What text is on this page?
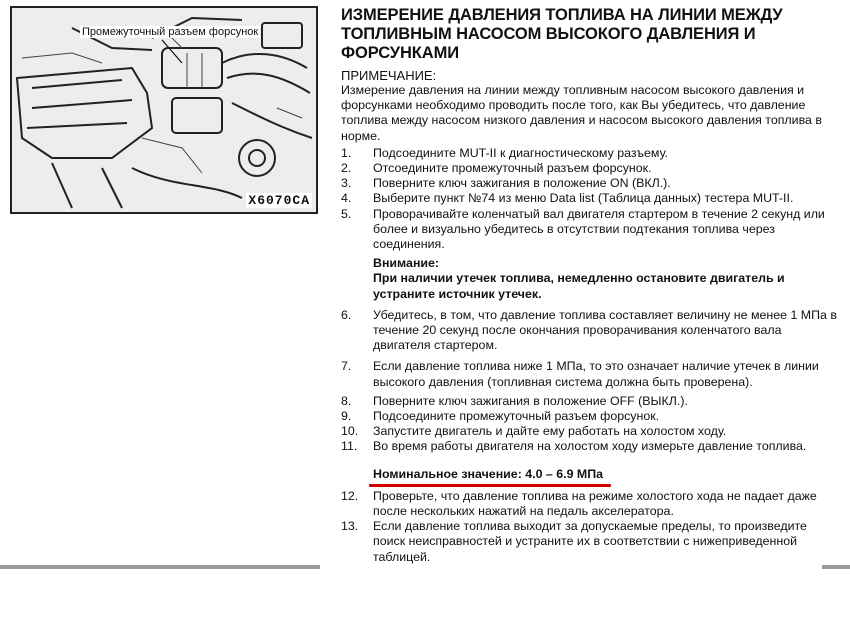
Промежуточный разъем форсунок
X6070CA
ИЗМЕРЕНИЕ ДАВЛЕНИЯ ТОПЛИВА НА ЛИНИИ МЕЖДУ ТОПЛИВНЫМ НАСОСОМ ВЫСОКОГО ДАВЛЕНИЯ И ФОРСУНКАМИ
ПРИМЕЧАНИЕ:
Измерение давления на линии между топливным насосом высокого давления и форсунками необходимо проводить после того, как Вы убедитесь, что давление топлива между насосом низкого давления и насосом высокого давления топлива в норме.
1.	Подсоедините MUT-II к диагностическому разъему.
2.	Отсоедините промежуточный разъем форсунок.
3.	Поверните ключ зажигания в положение ON (ВКЛ.).
4.	Выберите пункт №74 из меню Data list (Таблица данных) тестера MUT-II.
5.	Проворачивайте коленчатый вал двигателя стартером в течение 2 секунд или более и визуально убедитесь в отсутствии подтекания топлива через соединения.
Внимание:
При наличии утечек топлива, немедленно остановите двигатель и устраните источник утечек.
6.	Убедитесь, в том, что давление топлива составляет величину не менее 1 МПа в течение 20 секунд после окончания проворачивания коленчатого вала двигателя стартером.
7.	Если давление топлива ниже 1 МПа, то это означает наличие утечек в линии высокого давления (топливная система должна быть проверена).
8.	Поверните ключ зажигания в положение OFF (ВЫКЛ.).
9.	Подсоедините промежуточный разъем форсунок.
10.	Запустите двигатель и дайте ему работать на холостом ходу.
11.	Во время работы двигателя на холостом ходу измерьте давление топлива.
Номинальное значение: 4.0 – 6.9 МПа
12.	Проверьте, что давление топлива на режиме холостого хода не падает даже после нескольких нажатий на педаль акселератора.
13.	Если давление топлива выходит за допускаемые пределы, то произведите поиск неисправностей и устраните их в соответствии с нижеприведенной таблицей.
